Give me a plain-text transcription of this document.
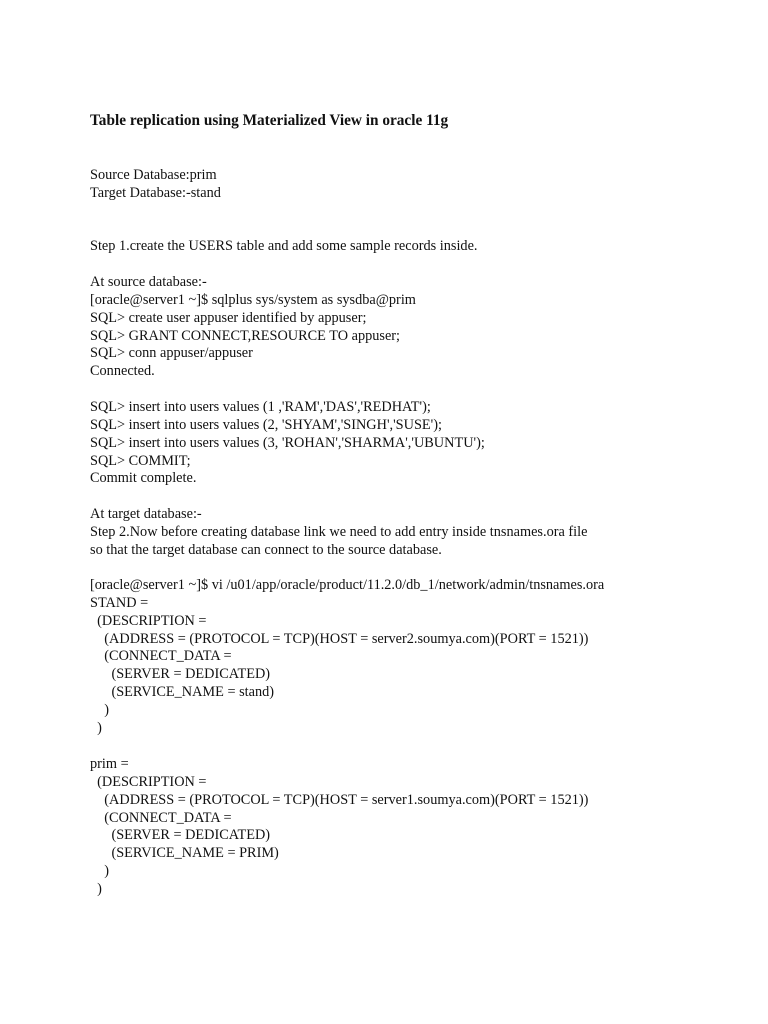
Table replication using Materialized View in oracle 11g
Source Database:prim
Target Database:-stand
Step 1.create the USERS table and add some sample records inside.
At source database:-
[oracle@server1 ~]$ sqlplus sys/system as sysdba@prim
SQL> create user appuser identified by appuser;
SQL> GRANT CONNECT,RESOURCE TO appuser;
SQL> conn appuser/appuser
Connected.
SQL> insert into users values (1 ,'RAM','DAS','REDHAT');
SQL> insert into users values (2, 'SHYAM','SINGH','SUSE');
SQL> insert into users values (3, 'ROHAN','SHARMA','UBUNTU');
SQL> COMMIT;
Commit complete.
At target database:-
Step 2.Now before creating database link we need to add entry inside tnsnames.ora file
so that the target database can connect to the source database.
[oracle@server1 ~]$ vi /u01/app/oracle/product/11.2.0/db_1/network/admin/tnsnames.ora
STAND =
(DESCRIPTION =
(ADDRESS = (PROTOCOL = TCP)(HOST = server2.soumya.com)(PORT = 1521))
(CONNECT_DATA =
(SERVER = DEDICATED)
(SERVICE_NAME = stand)
)
)
prim =
(DESCRIPTION =
(ADDRESS = (PROTOCOL = TCP)(HOST = server1.soumya.com)(PORT = 1521))
(CONNECT_DATA =
(SERVER = DEDICATED)
(SERVICE_NAME = PRIM)
)
)
